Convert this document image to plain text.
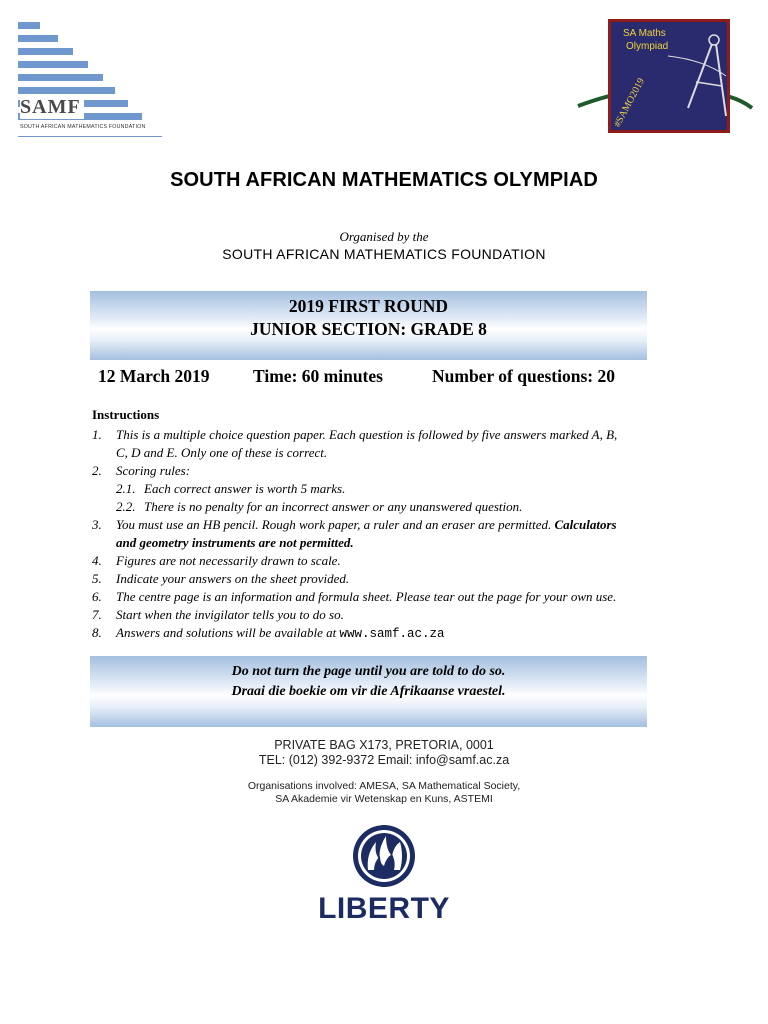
SAMF
SOUTH AFRICAN MATHEMATICS FOUNDATION
SA Maths
Olympiad
#SAMO2019
SOUTH AFRICAN MATHEMATICS OLYMPIAD
Organised by the
SOUTH AFRICAN MATHEMATICS FOUNDATION
2019 FIRST ROUND
JUNIOR SECTION: GRADE 8
12 March 2019 Time: 60 minutes	Number of questions: 20
Instructions
1. This is a multiple choice question paper. Each question is followed by five answers marked A, B,
C, D and E. Only one of these is correct.
2. Scoring rules:
2.1. Each correct answer is worth 5 marks.
2.2. There is no penalty for an incorrect answer or any unanswered question.
3. You must use an HB pencil. Rough work paper, a ruler and an eraser are permitted. Calculators
and geometry instruments are not permitted.
4. Figures are not necessarily drawn to scale.
5. Indicate your answers on the sheet provided.
6. The centre page is an information and formula sheet. Please tear out the page for your own use.
7. Start when the invigilator tells you to do so.
8. Answers and solutions will be available at www.samf.ac.za
Do not turn the page until you are told to do so.
Draai die boekie om vir die Afrikaanse vraestel.
PRIVATE BAG X173, PRETORIA, 0001
TEL: (012) 392-9372 Email: info@samf.ac.za
Organisations involved: AMESA, SA Mathematical Society,
SA Akademie vir Wetenskap en Kuns, ASTEMI
LIBERTY
